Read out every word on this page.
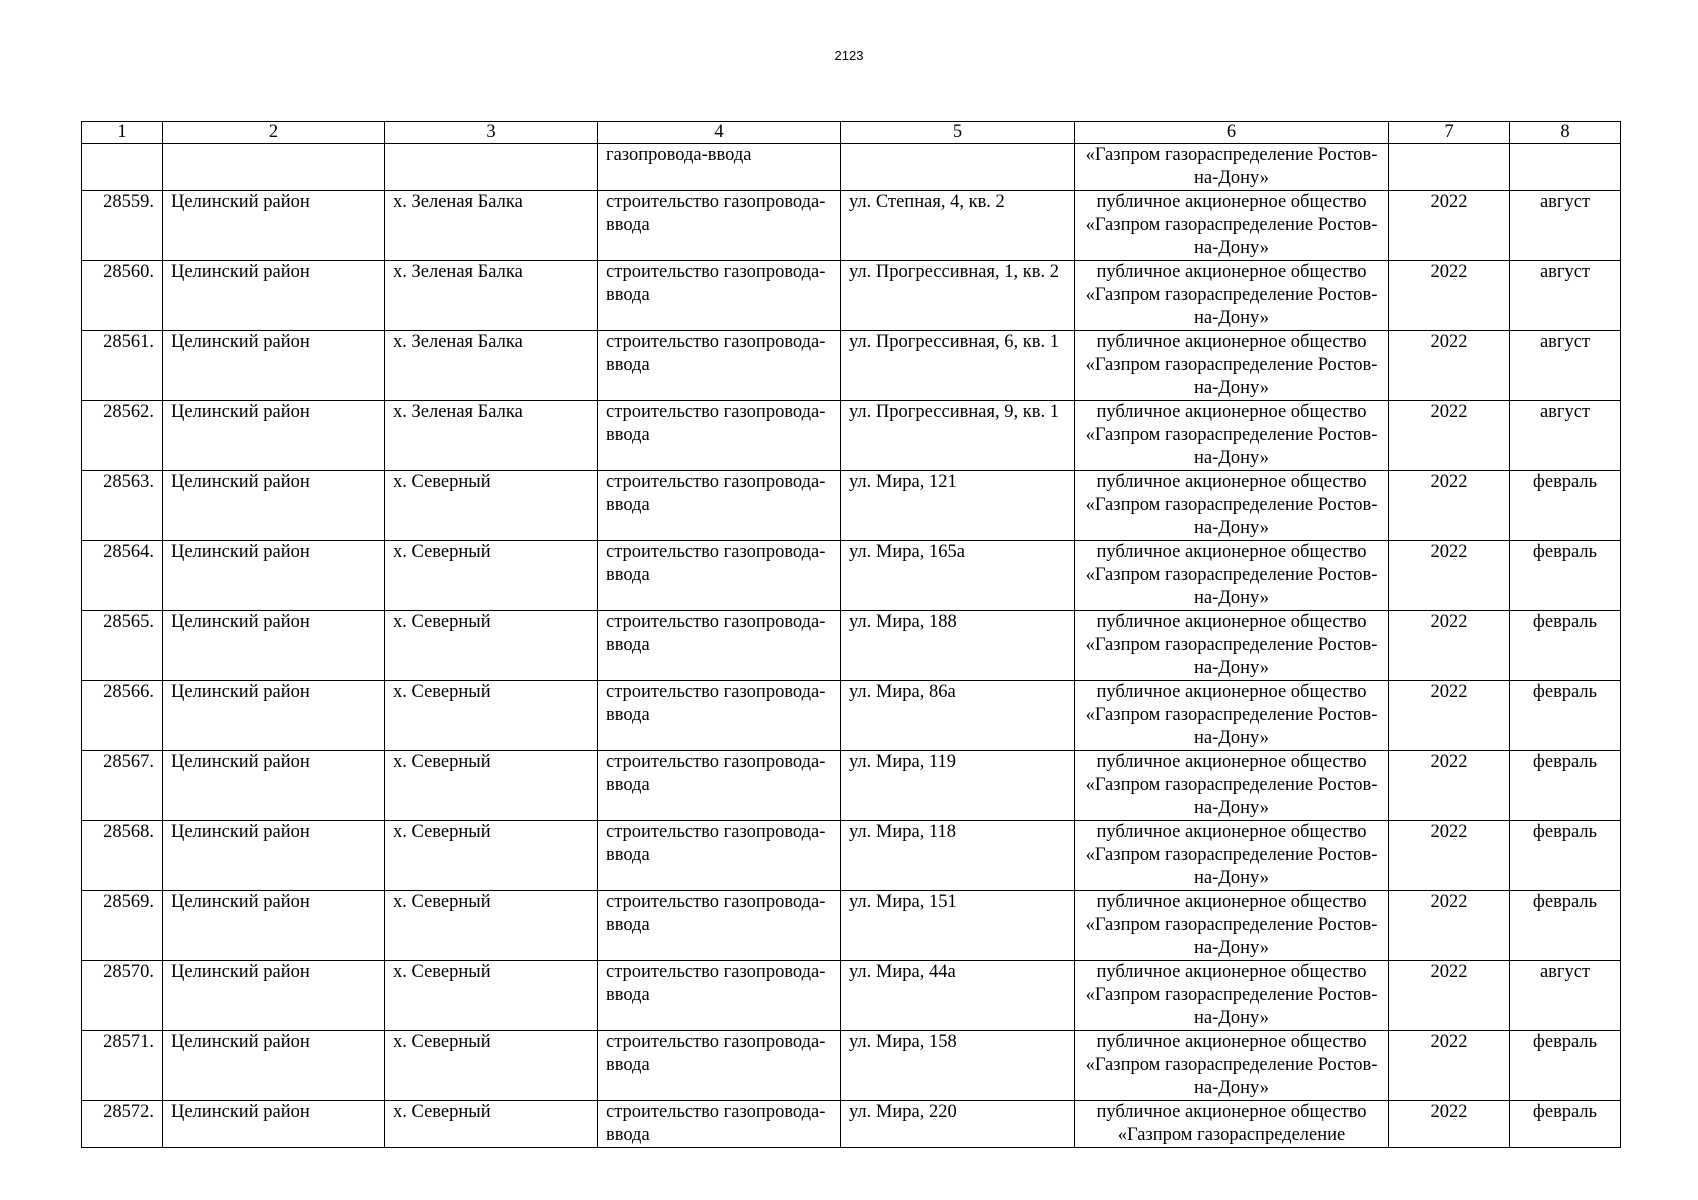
2123
1	2	3	4	5	6	7	8
			газопровода-ввода		«Газпром газораспределение Ростов-на-Дону»		
28559.	Целинский район	х. Зеленая Балка	строительство газопровода-ввода	ул. Степная, 4, кв. 2	публичное акционерное общество «Газпром газораспределение Ростов-на-Дону»	2022	август
28560.	Целинский район	х. Зеленая Балка	строительство газопровода-ввода	ул. Прогрессивная, 1, кв. 2	публичное акционерное общество «Газпром газораспределение Ростов-на-Дону»	2022	август
28561.	Целинский район	х. Зеленая Балка	строительство газопровода-ввода	ул. Прогрессивная, 6, кв. 1	публичное акционерное общество «Газпром газораспределение Ростов-на-Дону»	2022	август
28562.	Целинский район	х. Зеленая Балка	строительство газопровода-ввода	ул. Прогрессивная, 9, кв. 1	публичное акционерное общество «Газпром газораспределение Ростов-на-Дону»	2022	август
28563.	Целинский район	х. Северный	строительство газопровода-ввода	ул. Мира, 121	публичное акционерное общество «Газпром газораспределение Ростов-на-Дону»	2022	февраль
28564.	Целинский район	х. Северный	строительство газопровода-ввода	ул. Мира, 165а	публичное акционерное общество «Газпром газораспределение Ростов-на-Дону»	2022	февраль
28565.	Целинский район	х. Северный	строительство газопровода-ввода	ул. Мира, 188	публичное акционерное общество «Газпром газораспределение Ростов-на-Дону»	2022	февраль
28566.	Целинский район	х. Северный	строительство газопровода-ввода	ул. Мира, 86а	публичное акционерное общество «Газпром газораспределение Ростов-на-Дону»	2022	февраль
28567.	Целинский район	х. Северный	строительство газопровода-ввода	ул. Мира, 119	публичное акционерное общество «Газпром газораспределение Ростов-на-Дону»	2022	февраль
28568.	Целинский район	х. Северный	строительство газопровода-ввода	ул. Мира, 118	публичное акционерное общество «Газпром газораспределение Ростов-на-Дону»	2022	февраль
28569.	Целинский район	х. Северный	строительство газопровода-ввода	ул. Мира, 151	публичное акционерное общество «Газпром газораспределение Ростов-на-Дону»	2022	февраль
28570.	Целинский район	х. Северный	строительство газопровода-ввода	ул. Мира, 44а	публичное акционерное общество «Газпром газораспределение Ростов-на-Дону»	2022	август
28571.	Целинский район	х. Северный	строительство газопровода-ввода	ул. Мира, 158	публичное акционерное общество «Газпром газораспределение Ростов-на-Дону»	2022	февраль

28572.	Целинский район	х. Северный	строительство газопровода-ввода	ул. Мира, 220	публичное акционерное общество «Газпром газораспределение	2022	февраль
